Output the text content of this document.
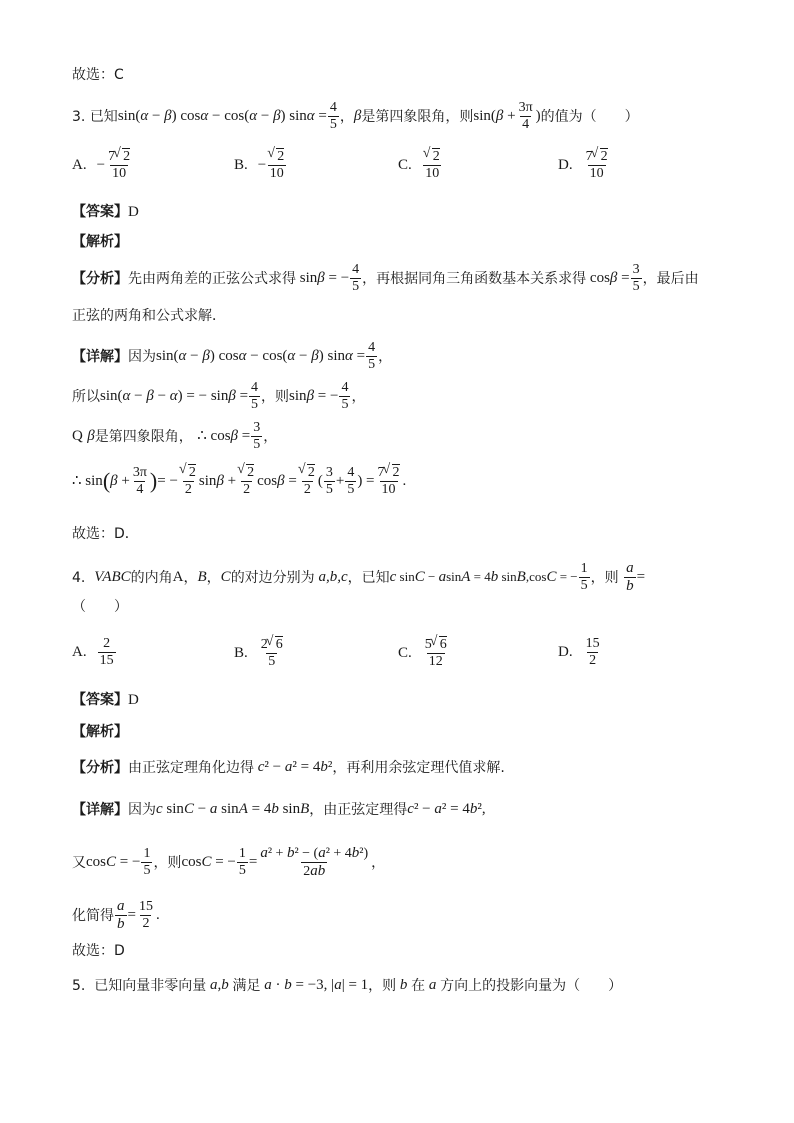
故选：C
3.
已知 sin(α − β) cosα − cos(α − β) $\sin\alpha = \frac{4}{5}$ ， β 是第四象限角，则 $\sin(\beta + \frac{3\pi}{4}$ ) 的值为（　　）
A. − $\frac{7 √ 2}{10}$	B. − √ $\frac{2}{10}$	C. √ $\frac{2}{10}$	D. $\frac{7 √ 2}{10}$
【答案】D
【解析】
【分析】 先由两角差的正弦公式求得 sinβ = − $\frac{4}{5}$ ，再根据同角三角函数基本关系求得 $\cos\beta = \frac{3}{5}$ ，最后由
正弦的两角和公式求解．
【详解】 因为 sin(α − β) cosα − cos(α − β) $\sin\alpha = \frac{4}{5}$ ，
所以 sin(α − β − α) = − $\sin\beta = \frac{4}{5}$ ，则 sinβ = − $\frac{4}{5}$ ，
Q
β 是第四象限角，
∴ $\cos\beta = \frac{3}{5}$ ，
∴ sin ( $\beta + \frac{3\pi}{4}$ ) = − √ $\frac{2}{2}$ sinβ + √ $\frac{2}{2}$ cosβ = √ $\frac{2}{2}$ ( $\frac{3}{5} + \frac{4}{5}$ ) = $\frac{7 √ 2}{10}$ .
故选：D．
4.
VABC 的内角 A ， B ， C 的对边分别为 a,b,c ，已知 c sinC − asinA = 4b sinB,cosC = − $\frac{1}{5}$ ，则
$\frac{a}{b}$ =
（　　）
A. $\frac{2}{15}$	B. $\frac{2 √ 6}{5}$	C. $\frac{5 √ 6}{12}$	D. $\frac{15}{2}$
【答案】D
【解析】
【分析】 由正弦定理角化边得 c² − a² = 4b² ，再利用余弦定理代值求解.
【详解】 因为 c sinC − a sinA = 4b sinB ，由正弦定理得 c² − a² = 4b²,
又 cosC = − $\frac{1}{5}$ ，则 cosC = − $\frac{1}{5} = \frac{\text{a² + b² − (a² + 4b²)}}{2ab}$ ，
化简得 $\frac{a}{b} = \frac{15}{2}$ .
故选：D
5.
已知向量非零向量 a,b 满足 a · b = −3, |a| = 1 ，则 b 在 a 方向上的投影向量为（　　）
